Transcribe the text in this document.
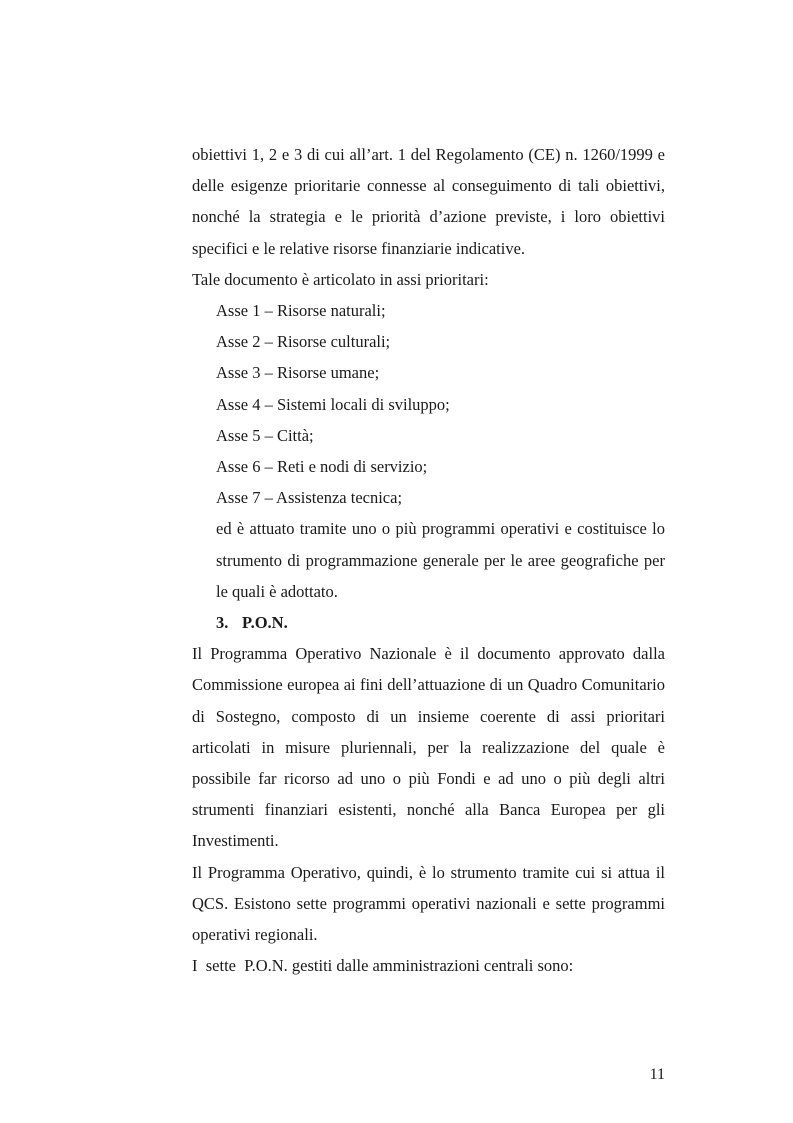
obiettivi 1, 2 e 3 di cui all’art. 1 del Regolamento (CE) n. 1260/1999 e delle esigenze prioritarie connesse al conseguimento di tali obiettivi, nonché la strategia e le priorità d’azione previste, i loro obiettivi specifici e le relative risorse finanziarie indicative.

Tale documento è articolato in assi prioritari:

Asse 1 – Risorse naturali;

Asse 2 – Risorse culturali;

Asse 3 – Risorse umane;

Asse 4 – Sistemi locali di sviluppo;

Asse 5 – Città;

Asse 6 – Reti e nodi di servizio;

Asse 7 – Assistenza tecnica;

ed è attuato tramite uno o più programmi operativi e costituisce lo strumento di programmazione generale per le aree geografiche per le quali è adottato.

3. P.O.N.

Il Programma Operativo Nazionale è il documento approvato dalla Commissione europea ai fini dell’attuazione di un Quadro Comunitario di Sostegno, composto di un insieme coerente di assi prioritari articolati in misure pluriennali, per la realizzazione del quale è possibile far ricorso ad uno o più Fondi e ad uno o più degli altri strumenti finanziari esistenti, nonché alla Banca Europea per gli Investimenti.

Il Programma Operativo, quindi, è lo strumento tramite cui si attua il QCS. Esistono sette programmi operativi nazionali e sette programmi operativi regionali.

I  sette  P.O.N. gestiti dalle amministrazioni centrali sono:

11
